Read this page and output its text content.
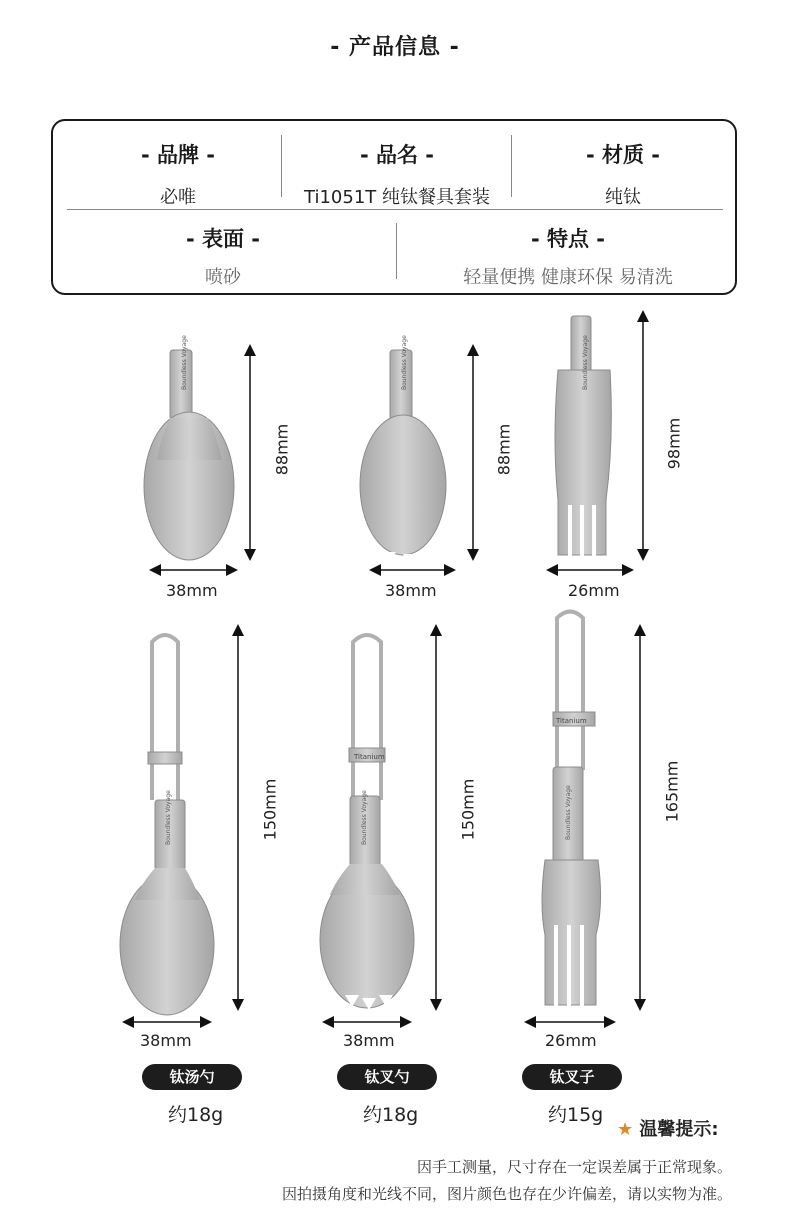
- 产品信息 -
- 品牌 -
必唯
- 品名 -
Ti1051T 纯钛餐具套装
- 材质 -
纯钛
- 表面 -
喷砂
- 特点 -
轻量便携 健康环保 易清洗
Boundless Voyage	Boundless Voyage	Boundless Voyage
Boundless Voyage	Boundless Voyage	Boundless Voyage
Titanium
Titanium
88mm	88mm	98mm
150mm	150mm	165mm
38mm	38mm	26mm
38mm	38mm	26mm
钛汤勺	钛叉勺	钛叉子
约18g	约18g	约15g
★ 温馨提示:
因手工测量，尺寸存在一定误差属于正常现象。
因拍摄角度和光线不同，图片颜色也存在少许偏差，请以实物为准。
